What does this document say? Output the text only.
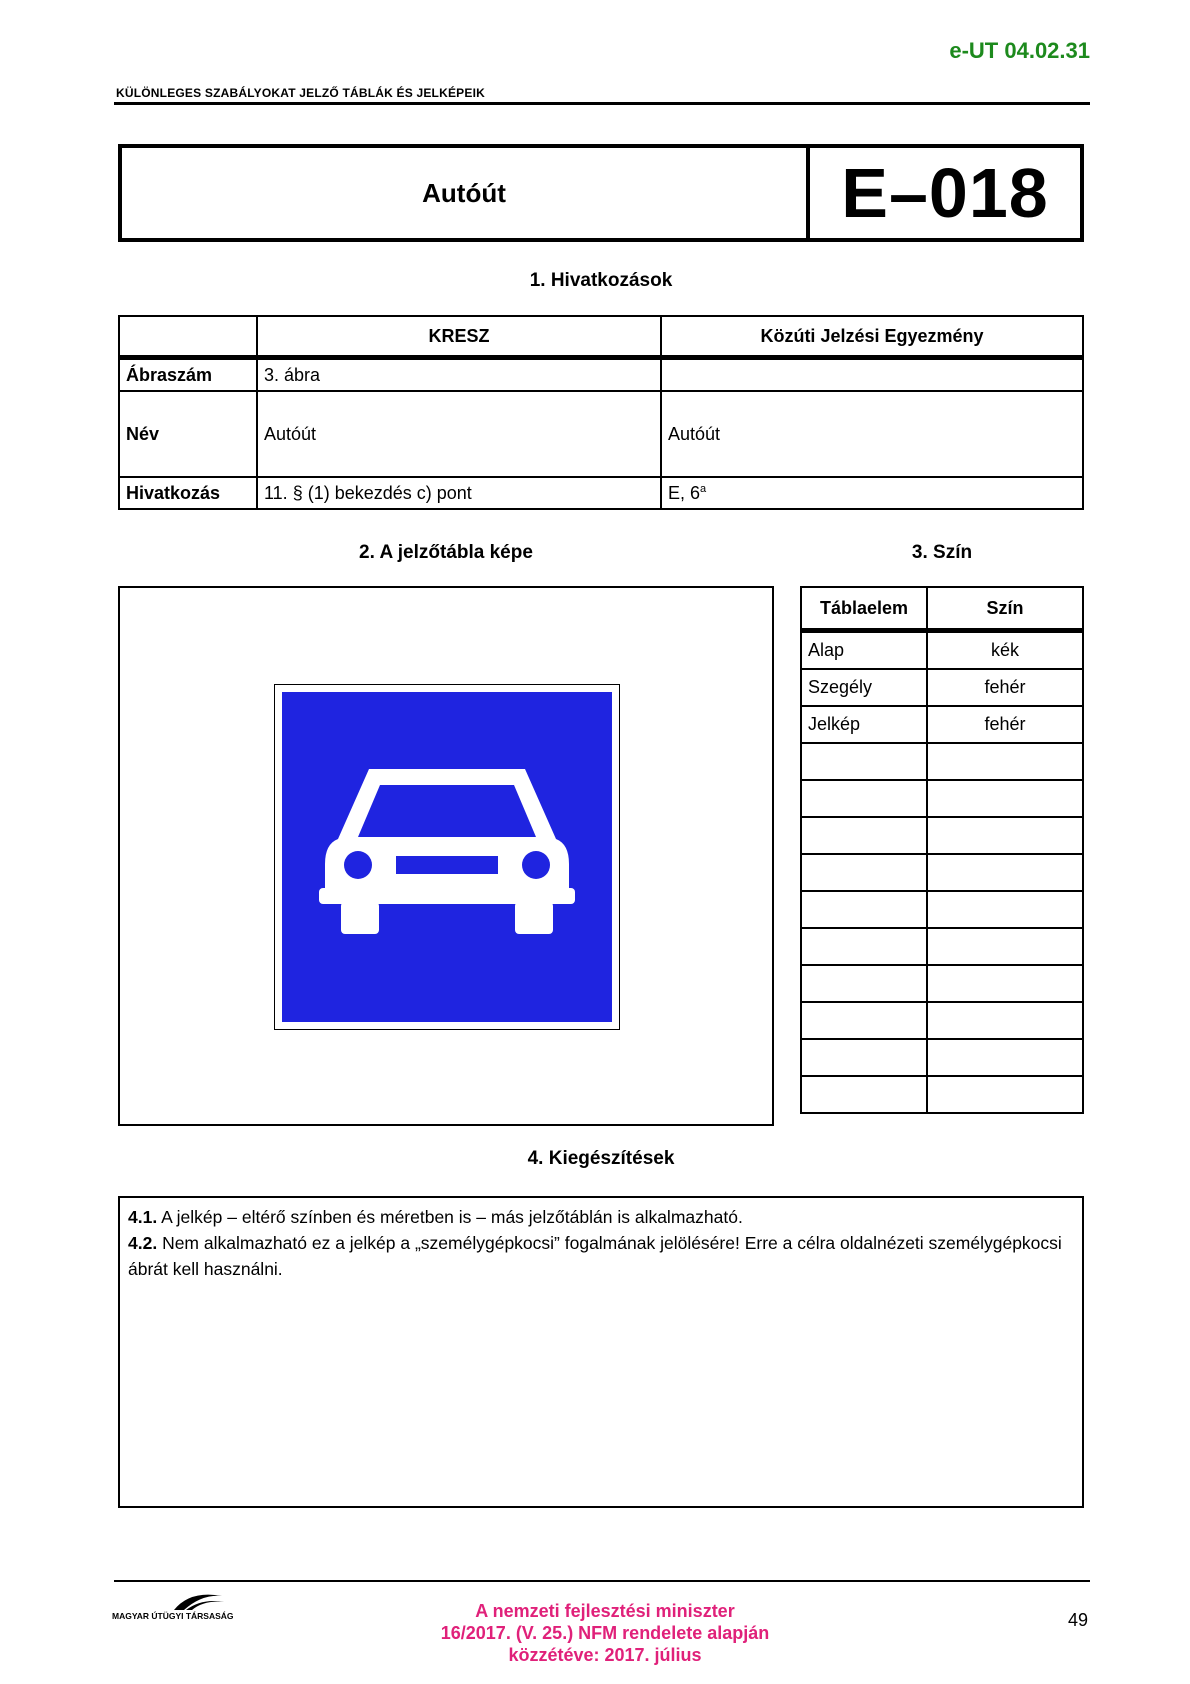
e-UT 04.02.31
KÜLÖNLEGES SZABÁLYOKAT JELZŐ TÁBLÁK ÉS JELKÉPEIK
Autóút	E–018
1. Hivatkozások
	KRESZ	Közúti Jelzési Egyezmény
Ábraszám	3. ábra	
Név	Autóút	Autóút
Hivatkozás	11. § (1) bekezdés c) pont	E, 6$^a$
2. A jelzőtábla képe	3. Szín
Táblaelem	Szín
Alap	kék
Szegély	fehér
Jelkép	fehér

4. Kiegészítések
4.1. A jelkép – eltérő színben és méretben is – más jelzőtáblán is alkalmazható.
4.2. Nem alkalmazható ez a jelkép a „személygépkocsi” fogalmának jelölésére! Erre a célra oldalnézeti személygépkocsi ábrát kell használni.
MAGYAR ÚTÜGYI TÁRSASÁG	A nemzeti fejlesztési miniszter
16/2017. (V. 25.) NFM rendelete alapján
közzétéve: 2017. július
49
